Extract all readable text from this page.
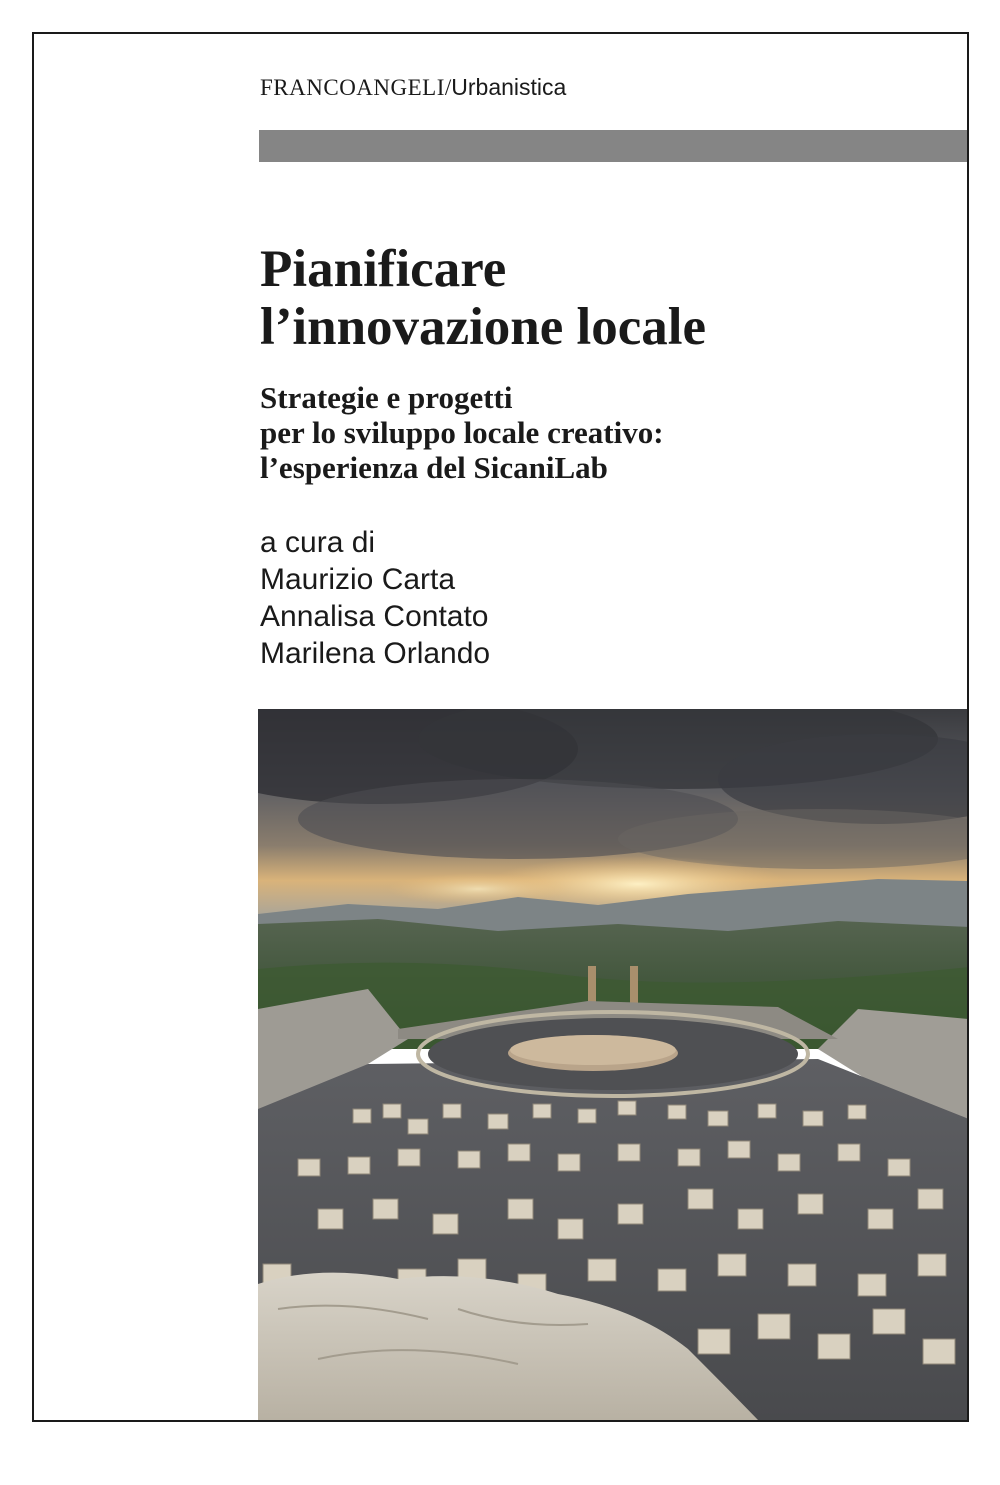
FRANCOANGELI/Urbanistica
Pianificare
l’innovazione locale
Strategie e progetti
per lo sviluppo locale creativo:
l’esperienza del SicaniLab
a cura di
Maurizio Carta
Annalisa Contato
Marilena Orlando
